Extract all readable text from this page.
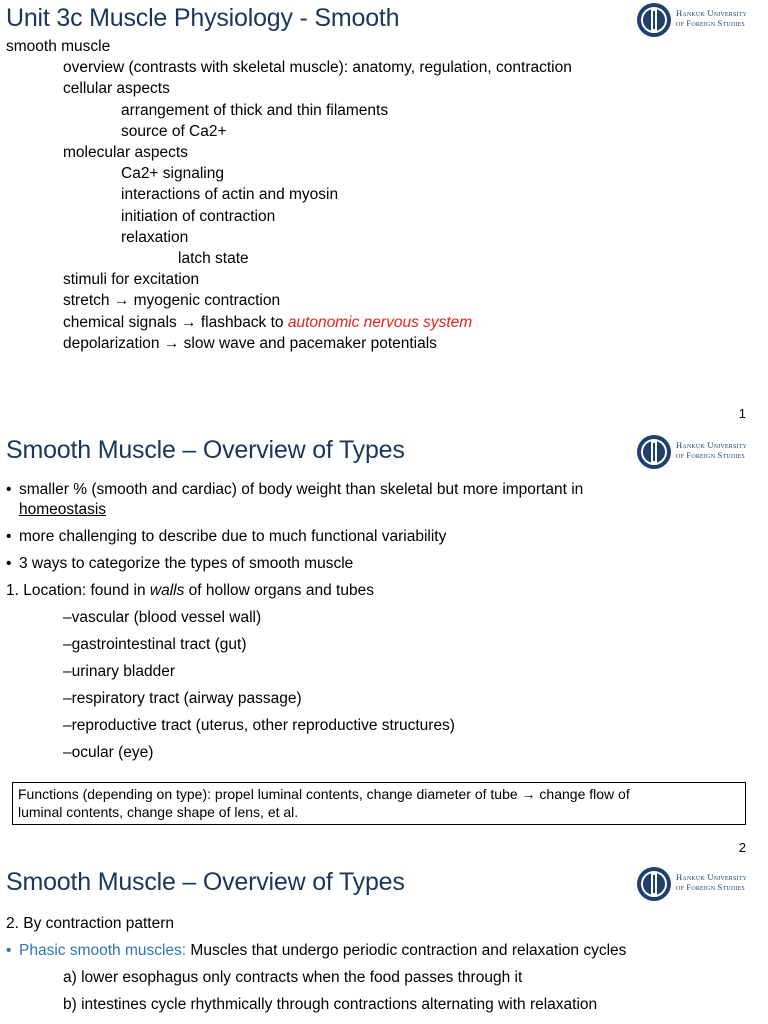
Unit 3c Muscle Physiology - Smooth	Hankuk University
of Foreign Studies
smooth muscle
overview (contrasts with skeletal muscle): anatomy, regulation, contraction
cellular aspects
arrangement of thick and thin filaments
source of Ca2+
molecular aspects
Ca2+ signaling
interactions of actin and myosin
initiation of contraction
relaxation
latch state
stimuli for excitation
stretch → myogenic contraction
chemical signals → flashback to autonomic nervous system
depolarization → slow wave and pacemaker potentials
1
Smooth Muscle – Overview of Types	Hankuk University
of Foreign Studies
• smaller % (smooth and cardiac) of body weight than skeletal but more important in
homeostasis
• more challenging to describe due to much functional variability
• 3 ways to categorize the types of smooth muscle
1. Location: found in walls of hollow organs and tubes
–vascular (blood vessel wall)
–gastrointestinal tract (gut)
–urinary bladder
–respiratory tract (airway passage)
–reproductive tract (uterus, other reproductive structures)
–ocular (eye)
Functions (depending on type): propel luminal contents, change diameter of tube → change flow of
luminal contents, change shape of lens, et al.
2
Smooth Muscle – Overview of Types	Hankuk University
of Foreign Studies
2. By contraction pattern
• Phasic smooth muscles: Muscles that undergo periodic contraction and relaxation cycles
a) lower esophagus only contracts when the food passes through it
b) intestines cycle rhythmically through contractions alternating with relaxation
